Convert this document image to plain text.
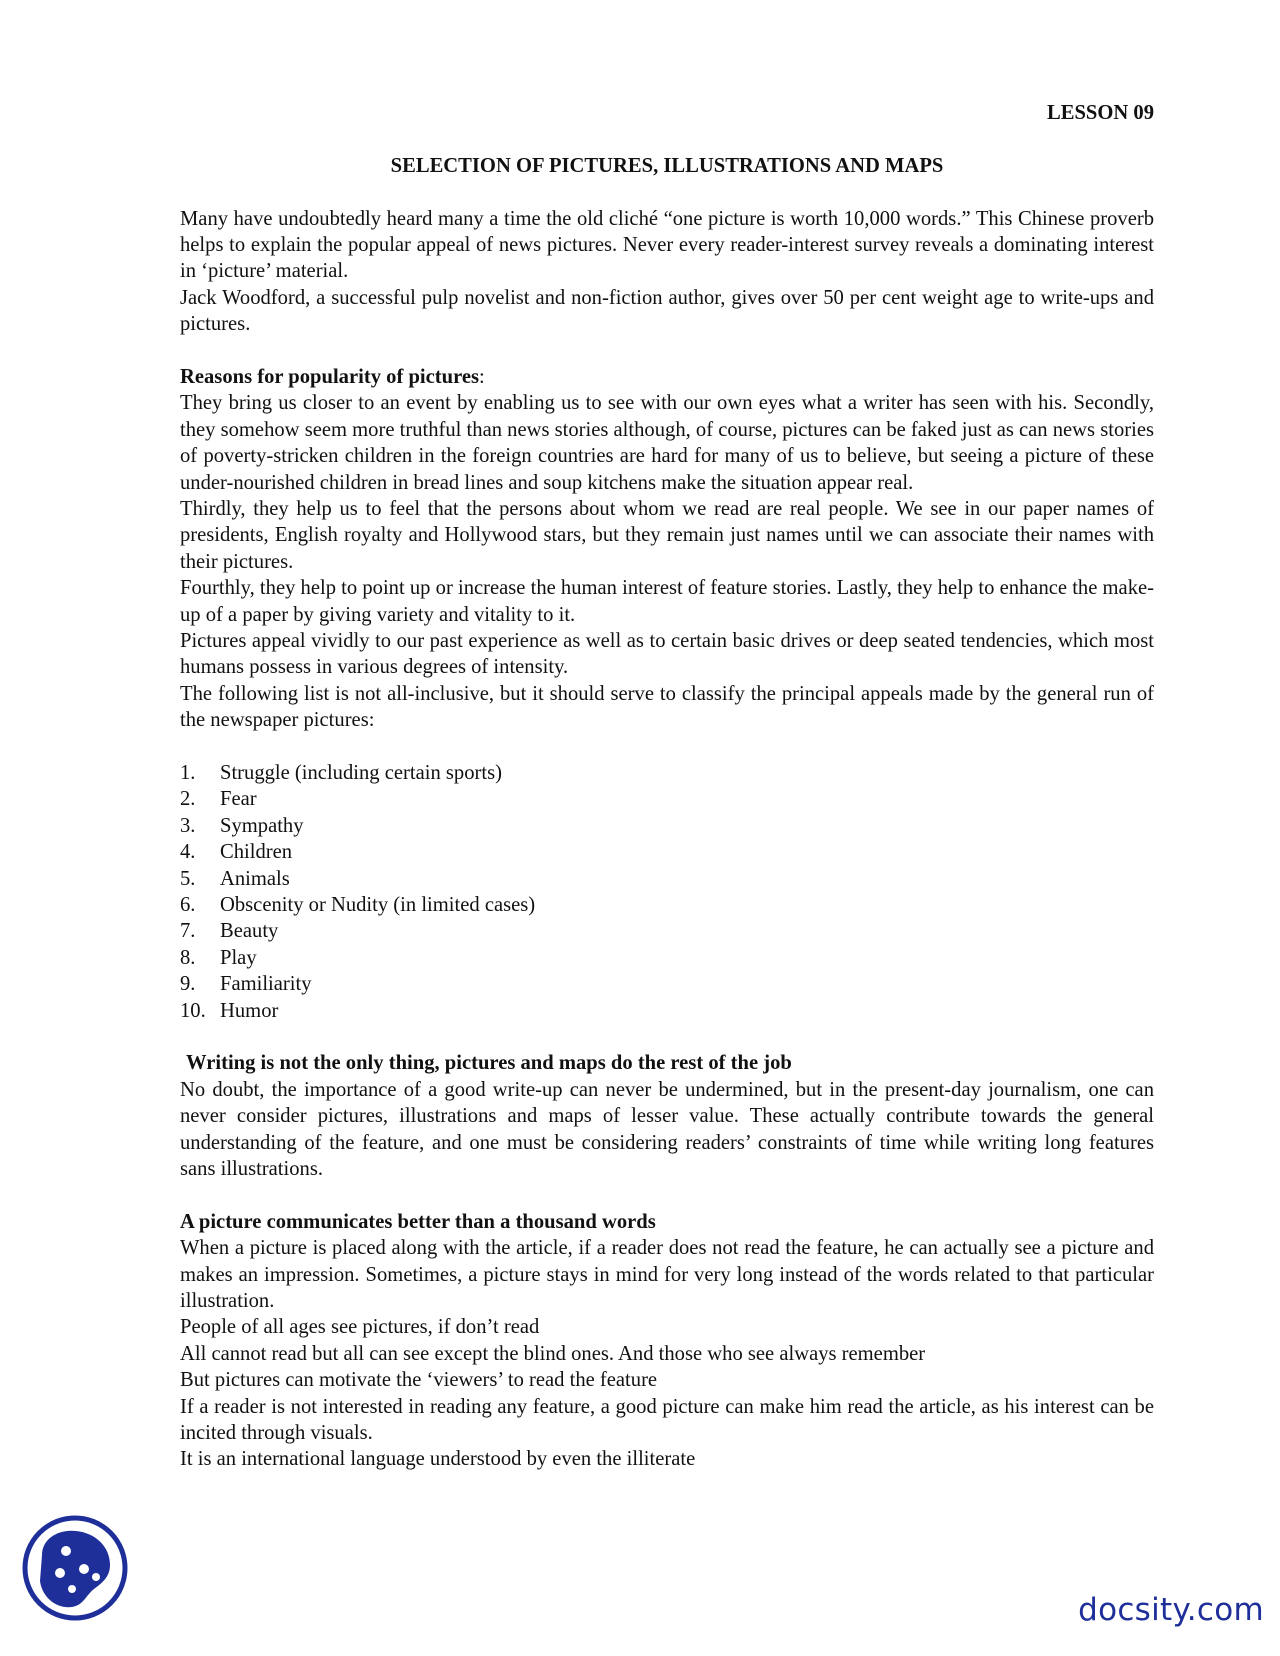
LESSON 09
SELECTION OF PICTURES, ILLUSTRATIONS AND MAPS

Many have undoubtedly heard many a time the old cliché “one picture is worth 10,000 words.” This Chinese proverb helps to explain the popular appeal of news pictures. Never every reader-interest survey reveals a dominating interest in ‘picture’ material.

Jack Woodford, a successful pulp novelist and non-fiction author, gives over 50 per cent weight age to write-ups and pictures.

Reasons for popularity of pictures:

They bring us closer to an event by enabling us to see with our own eyes what a writer has seen with his. Secondly, they somehow seem more truthful than news stories although, of course, pictures can be faked just as can news stories of poverty-stricken children in the foreign countries are hard for many of us to believe, but seeing a picture of these under-nourished children in bread lines and soup kitchens make the situation appear real.

Thirdly, they help us to feel that the persons about whom we read are real people. We see in our paper names of presidents, English royalty and Hollywood stars, but they remain just names until we can associate their names with their pictures.

Fourthly, they help to point up or increase the human interest of feature stories. Lastly, they help to enhance the make-up of a paper by giving variety and vitality to it.

Pictures appeal vividly to our past experience as well as to certain basic drives or deep seated tendencies, which most humans possess in various degrees of intensity.

The following list is not all-inclusive, but it should serve to classify the principal appeals made by the general run of the newspaper pictures:

1.	Struggle (including certain sports)
2.	Fear
3.	Sympathy
4.	Children
5.	Animals
6.	Obscenity or Nudity (in limited cases)
7.	Beauty
8.	Play
9.	Familiarity
10. Humor
Writing is not the only thing, pictures and maps do the rest of the job

No doubt, the importance of a good write-up can never be undermined, but in the present-day journalism, one can never consider pictures, illustrations and maps of lesser value. These actually contribute towards the general understanding of the feature, and one must be considering readers’ constraints of time while writing long features sans illustrations.

A picture communicates better than a thousand words

When a picture is placed along with the article, if a reader does not read the feature, he can actually see a picture and makes an impression. Sometimes, a picture stays in mind for very long instead of the words related to that particular illustration.

People of all ages see pictures, if don’t read

All cannot read but all can see except the blind ones. And those who see always remember

But pictures can motivate the ‘viewers’ to read the feature

If a reader is not interested in reading any feature, a good picture can make him read the article, as his interest can be incited through visuals.

It is an international language understood by even the illiterate

docsity.com
